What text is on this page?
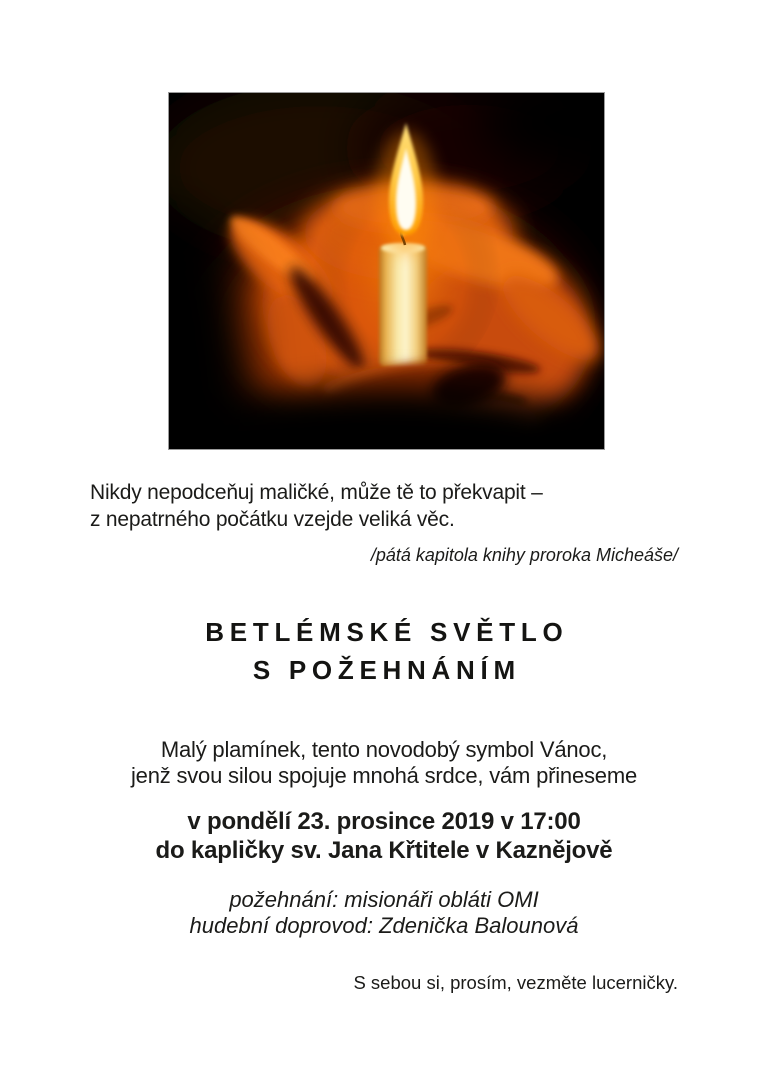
Nikdy nepodceňuj maličké, může tě to překvapit –
z nepatrného počátku vzejde veliká věc.
/pátá kapitola knihy proroka Micheáše/
BETLÉMSKÉ SVĚTLO
S POŽEHNÁNÍM
Malý plamínek, tento novodobý symbol Vánoc,
jenž svou silou spojuje mnohá srdce, vám přineseme
v pondělí 23. prosince 2019 v 17:00
do kapličky sv. Jana Křtitele v Kaznějově
požehnání: misionáři obláti OMI
hudební doprovod: Zdenička Balounová
S sebou si, prosím, vezměte lucerničky.
